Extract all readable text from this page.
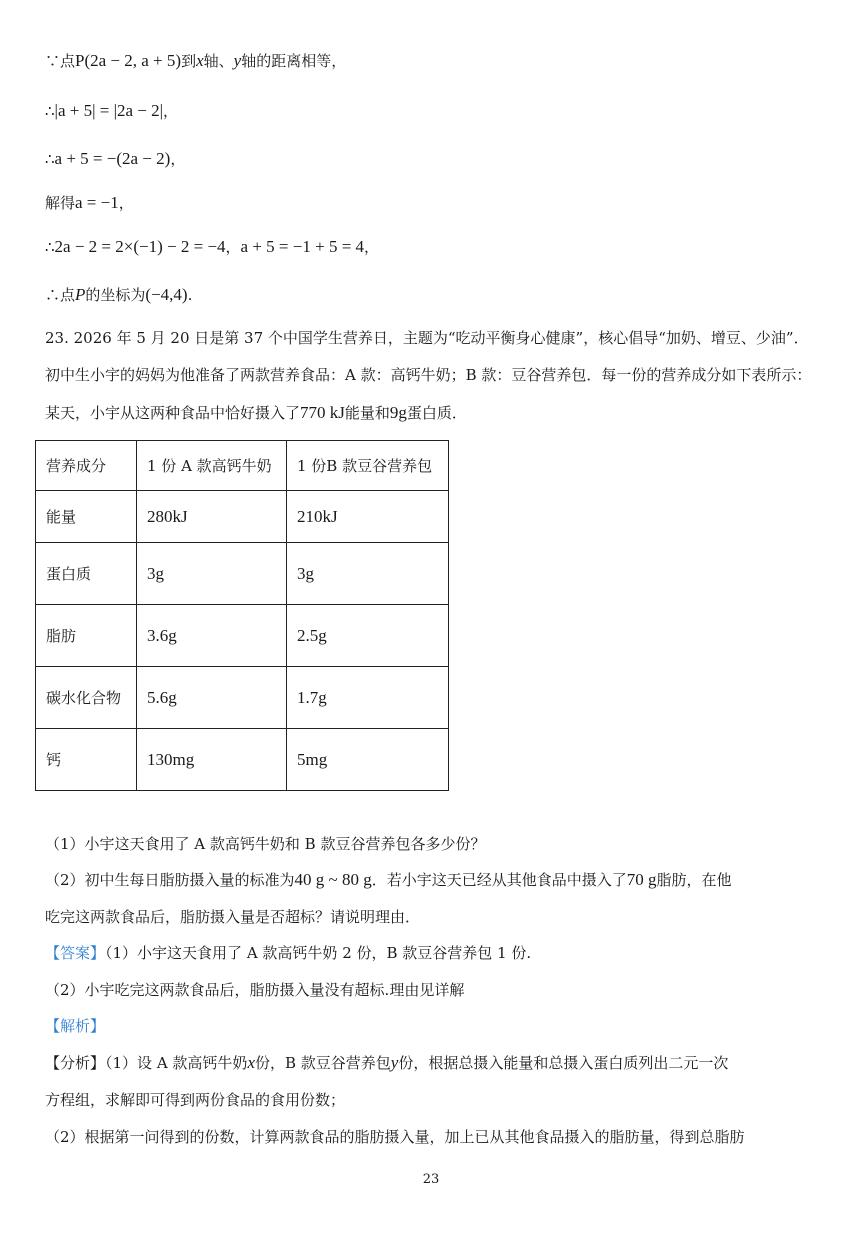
∵点P(2a − 2, a + 5)到x轴、y轴的距离相等，
∴|a + 5| = |2a − 2|，
∴a + 5 = −(2a − 2)，
解得a = −1，
∴2a − 2 = 2×(−1) − 2 = −4，a + 5 = −1 + 5 = 4，
∴点P的坐标为(−4,4).
23. 2026 年 5 月 20 日是第 37 个中国学生营养日，主题为“吃动平衡身心健康”，核心倡导“加奶、增豆、少油”．初中生小宇的妈妈为他准备了两款营养食品：A 款：高钙牛奶；B 款：豆谷营养包．每一份的营养成分如下表所示：某天，小宇从这两种食品中恰好摄入了770 kJ能量和9g蛋白质．
营养成分	1 份 A 款高钙牛奶	1 份B 款豆谷营养包
能量	280kJ	210kJ
蛋白质	3g	3g
脂肪	3.6g	2.5g
碳水化合物	5.6g	1.7g
钙	130mg	5mg
（1）小宇这天食用了 A 款高钙牛奶和 B 款豆谷营养包各多少份？
（2）初中生每日脂肪摄入量的标准为40 g ~ 80 g．若小宇这天已经从其他食品中摄入了70 g脂肪，在他
吃完这两款食品后，脂肪摄入量是否超标？请说明理由．
【答案】（1）小宇这天食用了 A 款高钙牛奶 2 份，B 款豆谷营养包 1 份.
（2）小宇吃完这两款食品后，脂肪摄入量没有超标.理由见详解
【解析】
【分析】（1）设 A 款高钙牛奶x份，B 款豆谷营养包y份，根据总摄入能量和总摄入蛋白质列出二元一次
方程组，求解即可得到两份食品的食用份数；
（2）根据第一问得到的份数，计算两款食品的脂肪摄入量，加上已从其他食品摄入的脂肪量，得到总脂肪
23
